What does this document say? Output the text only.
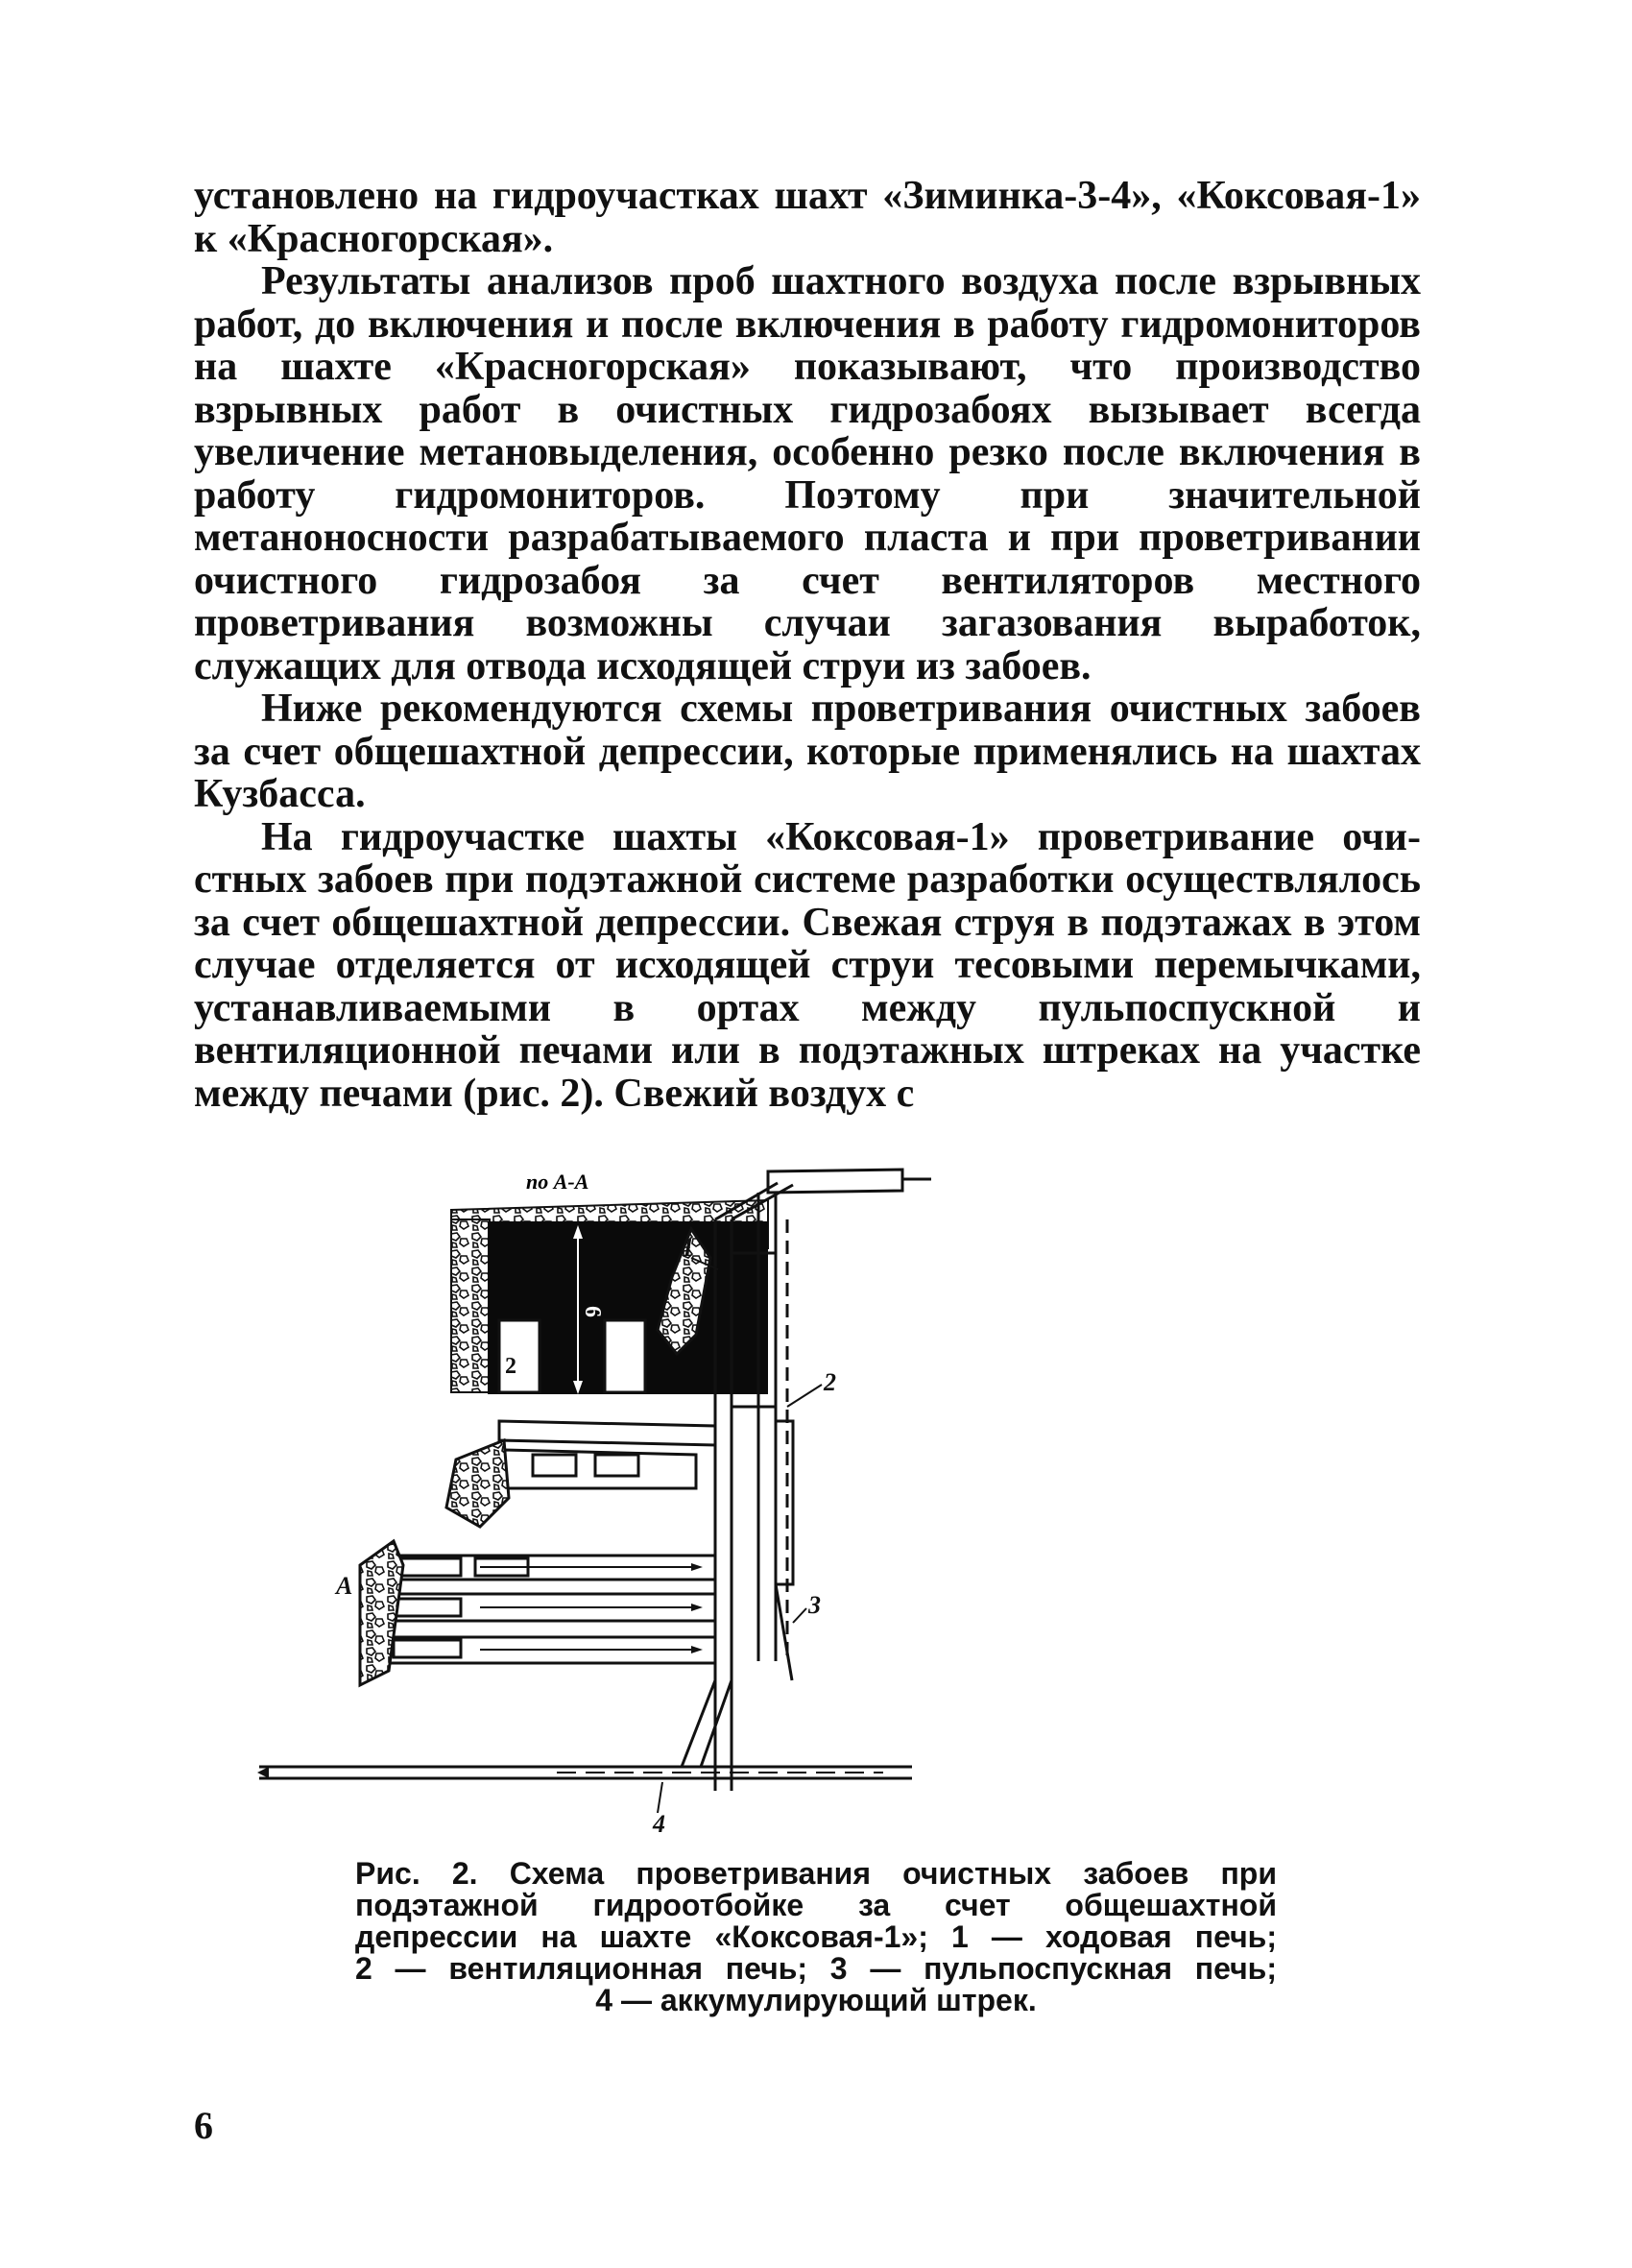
установлено на гидроучастках шахт «Зиминка-3-4», «Коксовая-1» к «Красногорская».

Результаты анализов проб шахтного воздуха после взрывных работ, до включения и после включения в работу гидромониторов на шахте «Красногорская» показывают, что производство взрывных работ в очистных гидрозабоях вызывает всегда увеличение метановыделения, особенно резко после включения в работу гидромониторов. Поэтому при значительной метаноносности разрабатываемого пласта и при проветривании очистного гидрозабоя за счет вентиляторов местного проветривания возможны случаи загазования выработок, служащих для отвода исходящей струи из забоев.

Ниже рекомендуются схемы проветривания очистных забоев за счет общешахтной депрессии, которые применялись на шахтах Кузбасса.

На гидроучастке шахты «Коксовая-1» проветривание очистных забоев при подэтажной системе разработки осуществлялось за счет общешахтной депрессии. Свежая струя в подэтажах в этом случае отделяется от исходящей струи тесовыми перемычками, устанавливаемыми в ортах между пульпоспускной и вентиляционной печами или в подэтажных штреках на участке между печами (рис. 2). Свежий воздух с

по А-А
2
6
1
2
3
4
А
Рис. 2. Схема проветривания очистных забоев при
подэтажной гидроотбойке за счет общешахтной
депрессии на шахте «Коксовая-1»; 1 — ходовая печь;
2 — вентиляционная печь; 3 — пульпоспускная печь;
4 — аккумулирующий штрек.
6
